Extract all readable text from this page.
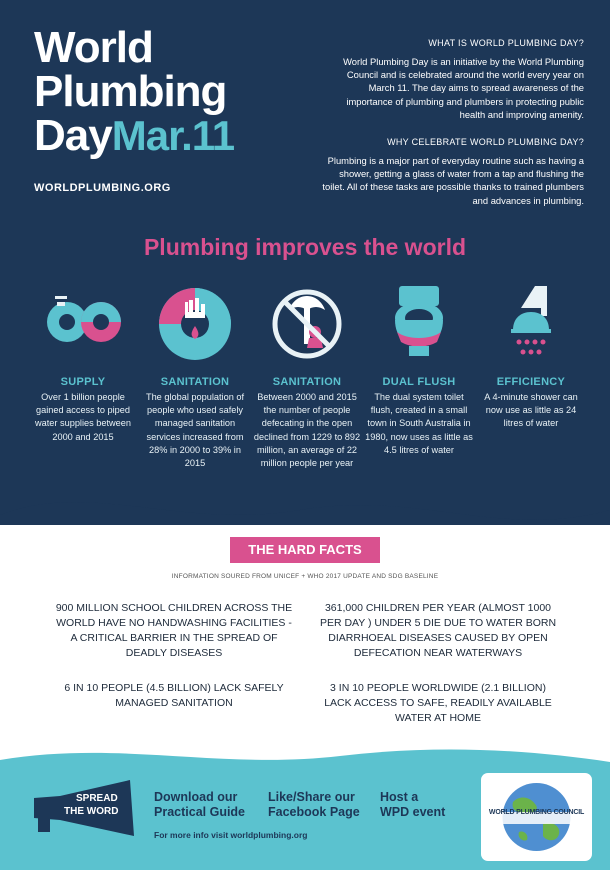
World
Plumbing
DayMar.11
WORLDPLUMBING.ORG
WHAT IS WORLD PLUMBING DAY?

World Plumbing Day is an initiative by the World Plumbing Council and is celebrated around the world every year on March 11. The day aims to spread awareness of the importance of plumbing and plumbers in protecting public health and improving amenity.

WHY CELEBRATE WORLD PLUMBING DAY?

Plumbing is a major part of everyday routine such as having a shower, getting a glass of water from a tap and flushing the toilet. All of these tasks are possible thanks to trained plumbers and advances in plumbing.

Plumbing improves the world
SUPPLY

Over 1 billion people gained access to piped water supplies between 2000 and 2015

SANITATION

The global population of people who used safely managed sanitation services increased from 28% in 2000 to 39% in 2015

SANITATION

Between 2000 and 2015 the number of people defecating in the open declined from 1229 to 892 million, an average of 22 million people per year

DUAL FLUSH

The dual system toilet flush, created in a small town in South Australia in 1980, now uses as little as 4.5 litres of water

EFFICIENCY

A 4-minute shower can now use as little as 24 litres of water

THE HARD FACTS
INFORMATION SOURED FROM UNICEF + WHO 2017 UPDATE AND SDG BASELINE
900 MILLION SCHOOL CHILDREN ACROSS THE WORLD HAVE NO HANDWASHING FACILITIES - A CRITICAL BARRIER IN THE SPREAD OF DEADLY DISEASES
361,000 CHILDREN PER YEAR (ALMOST 1000 PER DAY ) UNDER 5 DIE DUE TO WATER BORN DIARRHOEAL DISEASES CAUSED BY OPEN DEFECATION NEAR WATERWAYS
6 IN 10 PEOPLE (4.5 BILLION) LACK SAFELY MANAGED SANITATION
3 IN 10 PEOPLE WORLDWIDE (2.1 BILLION) LACK ACCESS TO SAFE, READILY AVAILABLE WATER AT HOME
SPREAD
THE WORD
Download our
Practical Guide
Like/Share our
Facebook Page
Host a
WPD event
For more info visit worldplumbing.org
WORLD PLUMBING COUNCIL
